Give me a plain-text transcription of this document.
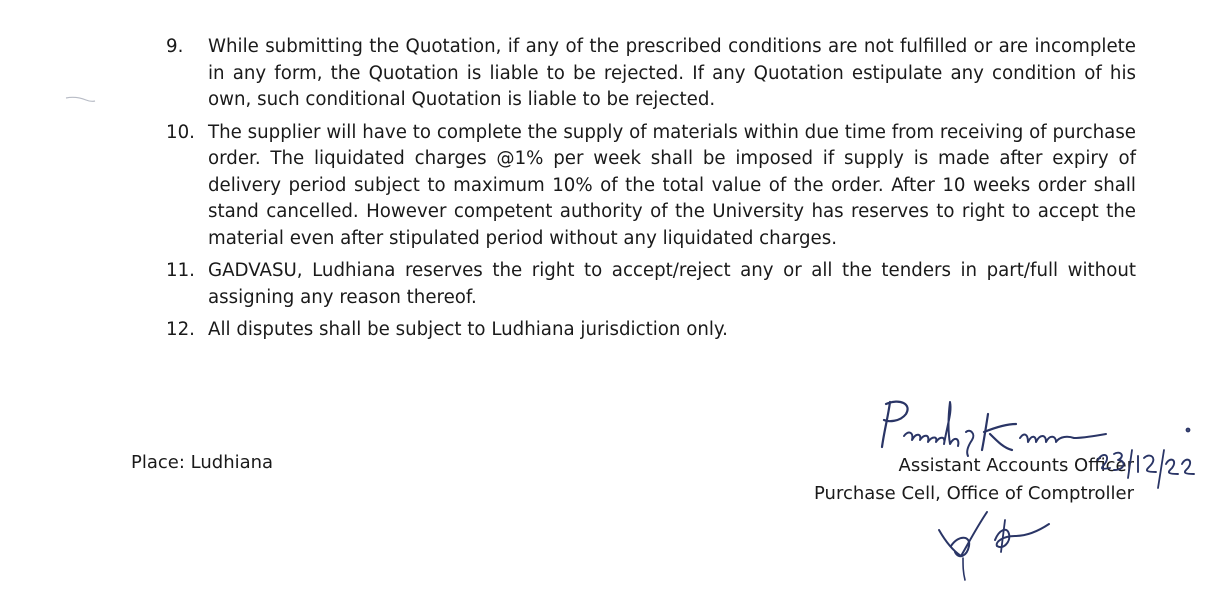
9. While submitting the Quotation, if any of the prescribed conditions are not fulfilled or are incomplete in any form, the Quotation is liable to be rejected. If any Quotation estipulate any condition of his own, such conditional Quotation is liable to be rejected.
10. The supplier will have to complete the supply of materials within due time from receiving of purchase order. The liquidated charges @1% per week shall be imposed if supply is made after expiry of delivery period subject to maximum 10% of the total value of the order. After 10 weeks order shall stand cancelled. However competent authority of the University has reserves to right to accept the material even after stipulated period without any liquidated charges.
11. GADVASU, Ludhiana reserves the right to accept/reject any or all the tenders in part/full without assigning any reason thereof.
12. All disputes shall be subject to Ludhiana jurisdiction only.
Place: Ludhiana	Assistant Accounts Officer
Purchase Cell, Office of Comptroller
